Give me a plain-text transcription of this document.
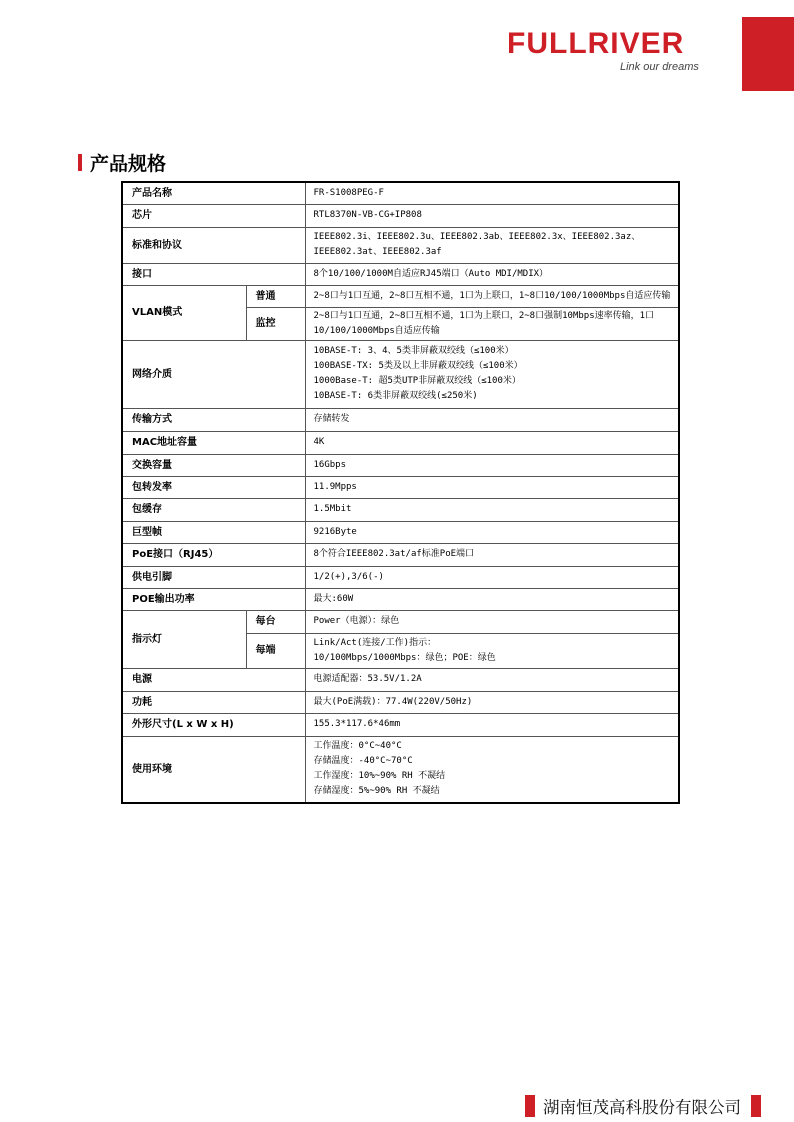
FULLRIVER
Link our dreams
产品规格
产品名称		FR-S1008PEG-F
芯片		RTL8370N-VB-CG+IP808
标准和协议		IEEE802.3i、IEEE802.3u、IEEE802.3ab、IEEE802.3x、IEEE802.3az、IEEE802.3at、IEEE802.3af
接口		8个10/100/1000M自适应RJ45端口（Auto MDI/MDIX）
VLAN模式	普通	2~8口与1口互通，2~8口互相不通，1口为上联口，1~8口10/100/1000Mbps自适应传输
	监控	2~8口与1口互通，2~8口互相不通，1口为上联口，2~8口强制10Mbps速率传输，1口10/100/1000Mbps自适应传输
网络介质		10BASE-T: 3、4、5类非屏蔽双绞线（≤100米）
100BASE-TX: 5类及以上非屏蔽双绞线（≤100米）
1000Base-T: 超5类UTP非屏蔽双绞线（≤100米）
10BASE-T: 6类非屏蔽双绞线(≤250米)

传输方式		存储转发
MAC地址容量		4K
交换容量		16Gbps
包转发率		11.9Mpps
包缓存		1.5Mbit
巨型帧		9216Byte
PoE接口（RJ45）		8个符合IEEE802.3at/af标准PoE端口
供电引脚		1/2(+),3/6(-)
POE输出功率		最大:60W
指示灯	每台	Power（电源）：绿色
	每端	Link/Act(连接/工作)指示：
10/100Mbps/1000Mbps：绿色；POE：绿色

电源		电源适配器：53.5V/1.2A
功耗		最大(PoE满载)：77.4W(220V/50Hz)
外形尺寸(L x W x H)		155.3*117.6*46mm
使用环境		工作温度：0°C~40°C
存储温度：-40°C~70°C
工作湿度：10%~90% RH 不凝结
存储湿度：5%~90% RH 不凝结
湖南恒茂高科股份有限公司
